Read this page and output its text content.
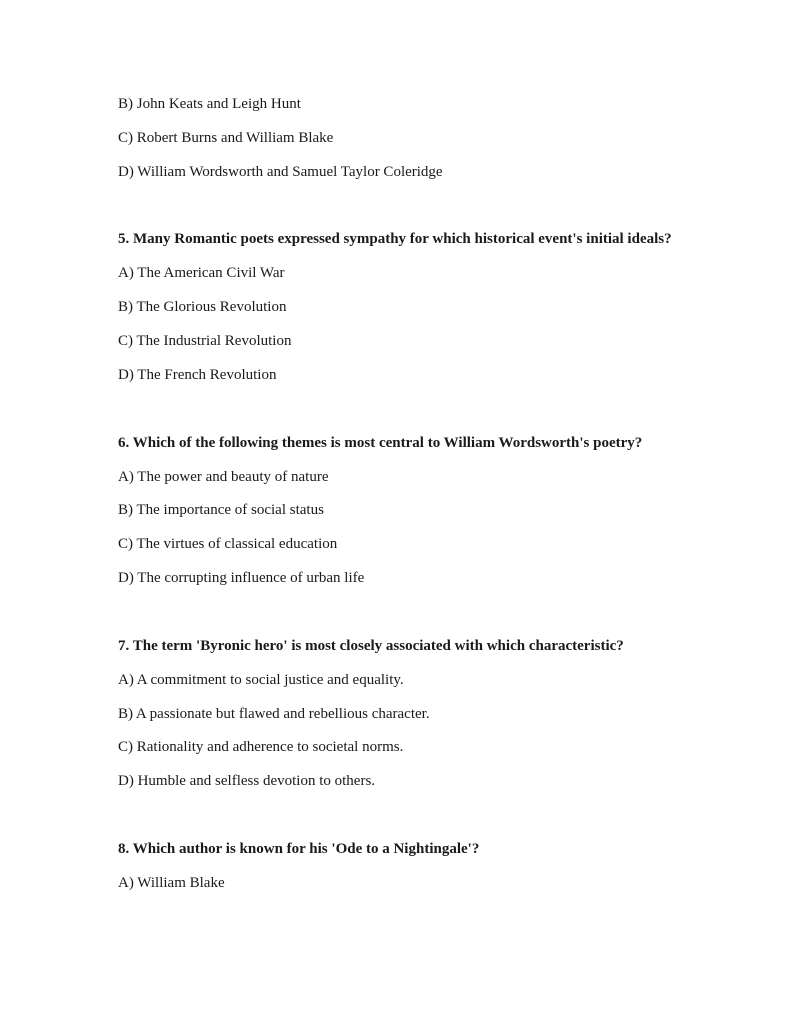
B) John Keats and Leigh Hunt
C) Robert Burns and William Blake
D) William Wordsworth and Samuel Taylor Coleridge
5. Many Romantic poets expressed sympathy for which historical event's initial ideals?
A) The American Civil War
B) The Glorious Revolution
C) The Industrial Revolution
D) The French Revolution
6. Which of the following themes is most central to William Wordsworth's poetry?
A) The power and beauty of nature
B) The importance of social status
C) The virtues of classical education
D) The corrupting influence of urban life
7. The term 'Byronic hero' is most closely associated with which characteristic?
A) A commitment to social justice and equality.
B) A passionate but flawed and rebellious character.
C) Rationality and adherence to societal norms.
D) Humble and selfless devotion to others.
8. Which author is known for his 'Ode to a Nightingale'?
A) William Blake
